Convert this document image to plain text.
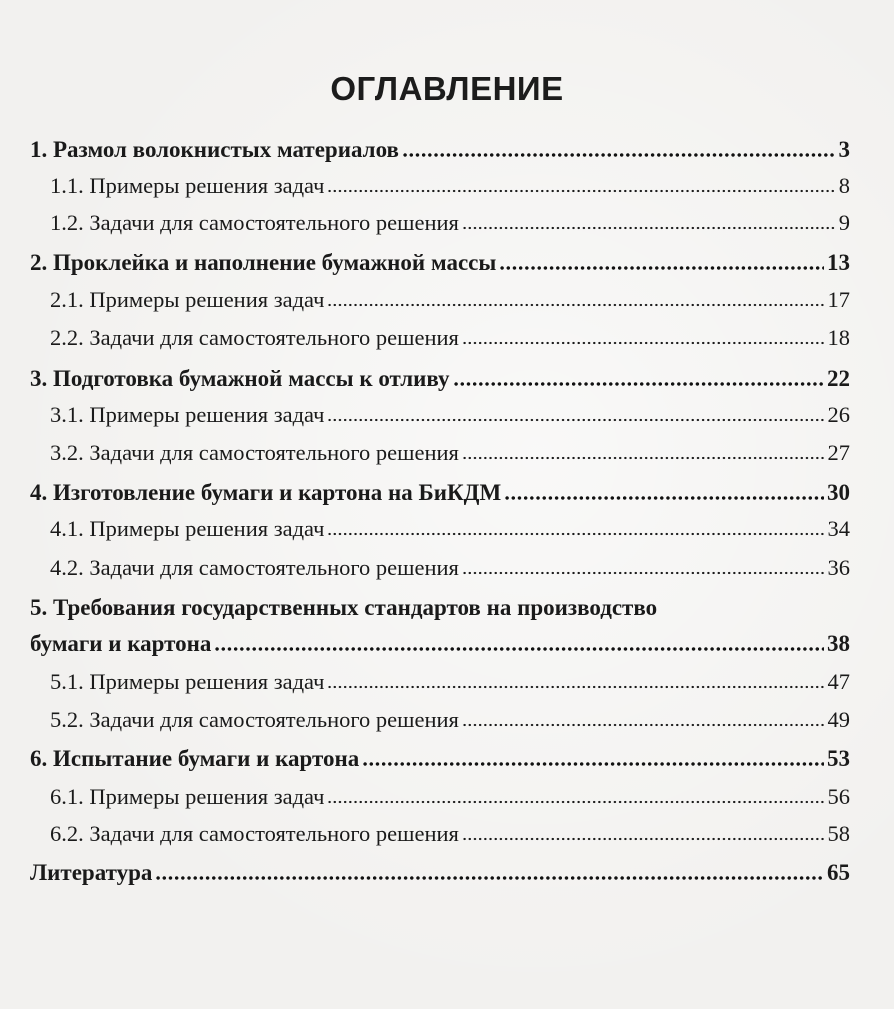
ОГЛАВЛЕНИЕ
1. Размол волокнистых материалов	3
1.1. Примеры решения задач	8
1.2. Задачи для самостоятельного решения	9
2. Проклейка и наполнение бумажной массы	13
2.1. Примеры решения задач	17
2.2. Задачи для самостоятельного решения	18
3. Подготовка бумажной массы к отливу	22
3.1. Примеры решения задач	26
3.2. Задачи для самостоятельного решения	27
4. Изготовление бумаги и картона на БиКДМ	30
4.1. Примеры решения задач	34
4.2. Задачи для самостоятельного решения	36
5. Требования государственных стандартов на производство
бумаги и картона	38
5.1. Примеры решения задач	47
5.2. Задачи для самостоятельного решения	49
6. Испытание бумаги и картона	53
6.1. Примеры решения задач	56
6.2. Задачи для самостоятельного решения	58
Литература	65
